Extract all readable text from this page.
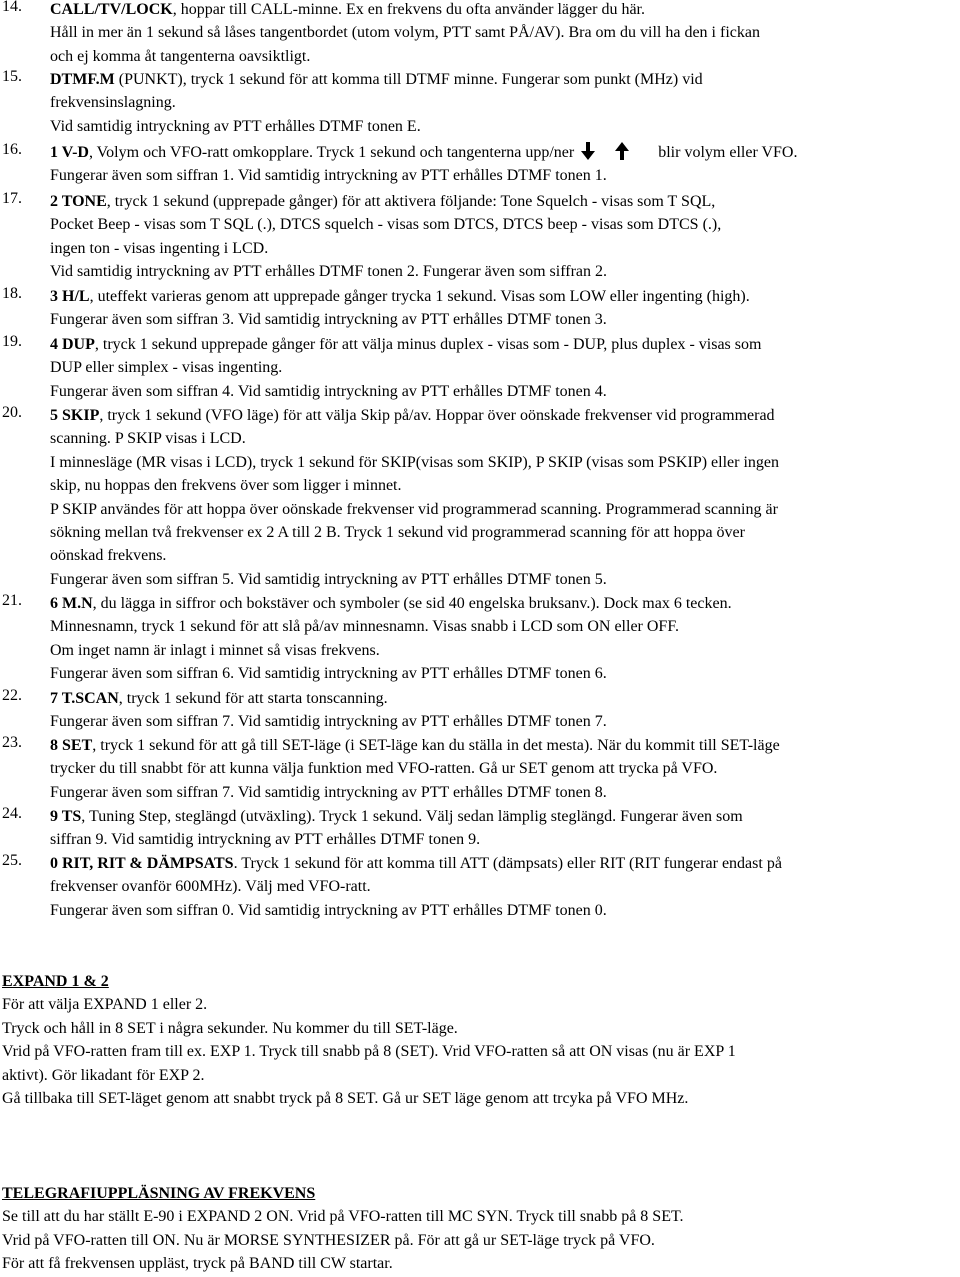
14. CALL/TV/LOCK, hoppar till CALL-minne. Ex en frekvens du ofta använder lägger du här.
Håll in mer än 1 sekund så låses tangentbordet (utom volym, PTT samt PÅ/AV). Bra om du vill ha den i fickan
och ej komma åt tangenterna oavsiktligt.
15. DTMF.M (PUNKT), tryck 1 sekund för att komma till DTMF minne. Fungerar som punkt (MHz) vid
frekvensinslagning.
Vid samtidig intryckning av PTT erhålles DTMF tonen E.
16. 1 V-D, Volym och VFO-ratt omkopplare. Tryck 1 sekund och tangenterna upp/ner	blir volym eller VFO.
Fungerar även som siffran 1. Vid samtidig intryckning av PTT erhålles DTMF tonen 1.
17. 2 TONE, tryck 1 sekund (upprepade gånger) för att aktivera följande: Tone Squelch - visas som T SQL,
Pocket Beep - visas som T SQL (.), DTCS squelch - visas som DTCS, DTCS beep - visas som DTCS (.),
ingen ton - visas ingenting i LCD.
Vid samtidig intryckning av PTT erhålles DTMF tonen 2. Fungerar även som siffran 2.
18. 3 H/L, uteffekt varieras genom att upprepade gånger trycka 1 sekund. Visas som LOW eller ingenting (high).
Fungerar även som siffran 3. Vid samtidig intryckning av PTT erhålles DTMF tonen 3.
19. 4 DUP, tryck 1 sekund upprepade gånger för att välja minus duplex - visas som - DUP, plus duplex - visas som
DUP eller simplex - visas ingenting.
Fungerar även som siffran 4. Vid samtidig intryckning av PTT erhålles DTMF tonen 4.
20. 5 SKIP, tryck 1 sekund (VFO läge) för att välja Skip på/av. Hoppar över oönskade frekvenser vid programmerad
scanning. P SKIP visas i LCD.
I minnesläge (MR visas i LCD), tryck 1 sekund för SKIP(visas som SKIP), P SKIP (visas som PSKIP) eller ingen
skip, nu hoppas den frekvens över som ligger i minnet.
P SKIP användes för att hoppa över oönskade frekvenser vid programmerad scanning. Programmerad scanning är
sökning mellan två frekvenser ex 2 A till 2 B. Tryck 1 sekund vid programmerad scanning för att hoppa över
oönskad frekvens.
Fungerar även som siffran 5. Vid samtidig intryckning av PTT erhålles DTMF tonen 5.
21. 6 M.N, du lägga in siffror och bokstäver och symboler (se sid 40 engelska bruksanv.). Dock max 6 tecken.
Minnesnamn, tryck 1 sekund för att slå på/av minnesnamn. Visas snabb i LCD som ON eller OFF.
Om inget namn är inlagt i minnet så visas frekvens.
Fungerar även som siffran 6. Vid samtidig intryckning av PTT erhålles DTMF tonen 6.
22. 7 T.SCAN, tryck 1 sekund för att starta tonscanning.
Fungerar även som siffran 7. Vid samtidig intryckning av PTT erhålles DTMF tonen 7.
23. 8 SET, tryck 1 sekund för att gå till SET-läge (i SET-läge kan du ställa in det mesta). När du kommit till SET-läge
trycker du till snabbt för att kunna välja funktion med VFO-ratten. Gå ur SET genom att trycka på VFO.
Fungerar även som siffran 7. Vid samtidig intryckning av PTT erhålles DTMF tonen 8.
24. 9 TS, Tuning Step, steglängd (utväxling). Tryck 1 sekund. Välj sedan lämplig steglängd. Fungerar även som
siffran 9. Vid samtidig intryckning av PTT erhålles DTMF tonen 9.
25. 0 RIT, RIT & DÄMPSATS. Tryck 1 sekund för att komma till ATT (dämpsats) eller RIT (RIT fungerar endast på
frekvenser ovanför 600MHz). Välj med VFO-ratt.
Fungerar även som siffran 0. Vid samtidig intryckning av PTT erhålles DTMF tonen 0.
EXPAND 1 & 2
För att välja EXPAND 1 eller 2.
Tryck och håll in 8 SET i några sekunder. Nu kommer du till SET-läge.
Vrid på VFO-ratten fram till ex. EXP 1. Tryck till snabb på 8 (SET). Vrid VFO-ratten så att ON visas (nu är EXP 1
aktivt). Gör likadant för EXP 2.
Gå tillbaka till SET-läget genom att snabbt tryck på 8 SET. Gå ur SET läge genom att trcyka på VFO MHz.
TELEGRAFIUPPLÄSNING AV FREKVENS
Se till att du har ställt E-90 i EXPAND 2 ON. Vrid på VFO-ratten till MC SYN. Tryck till snabb på 8 SET.
Vrid på VFO-ratten till ON. Nu är MORSE SYNTHESIZER på. För att gå ur SET-läge tryck på VFO.
För att få frekvensen uppläst, tryck på BAND till CW startar.
